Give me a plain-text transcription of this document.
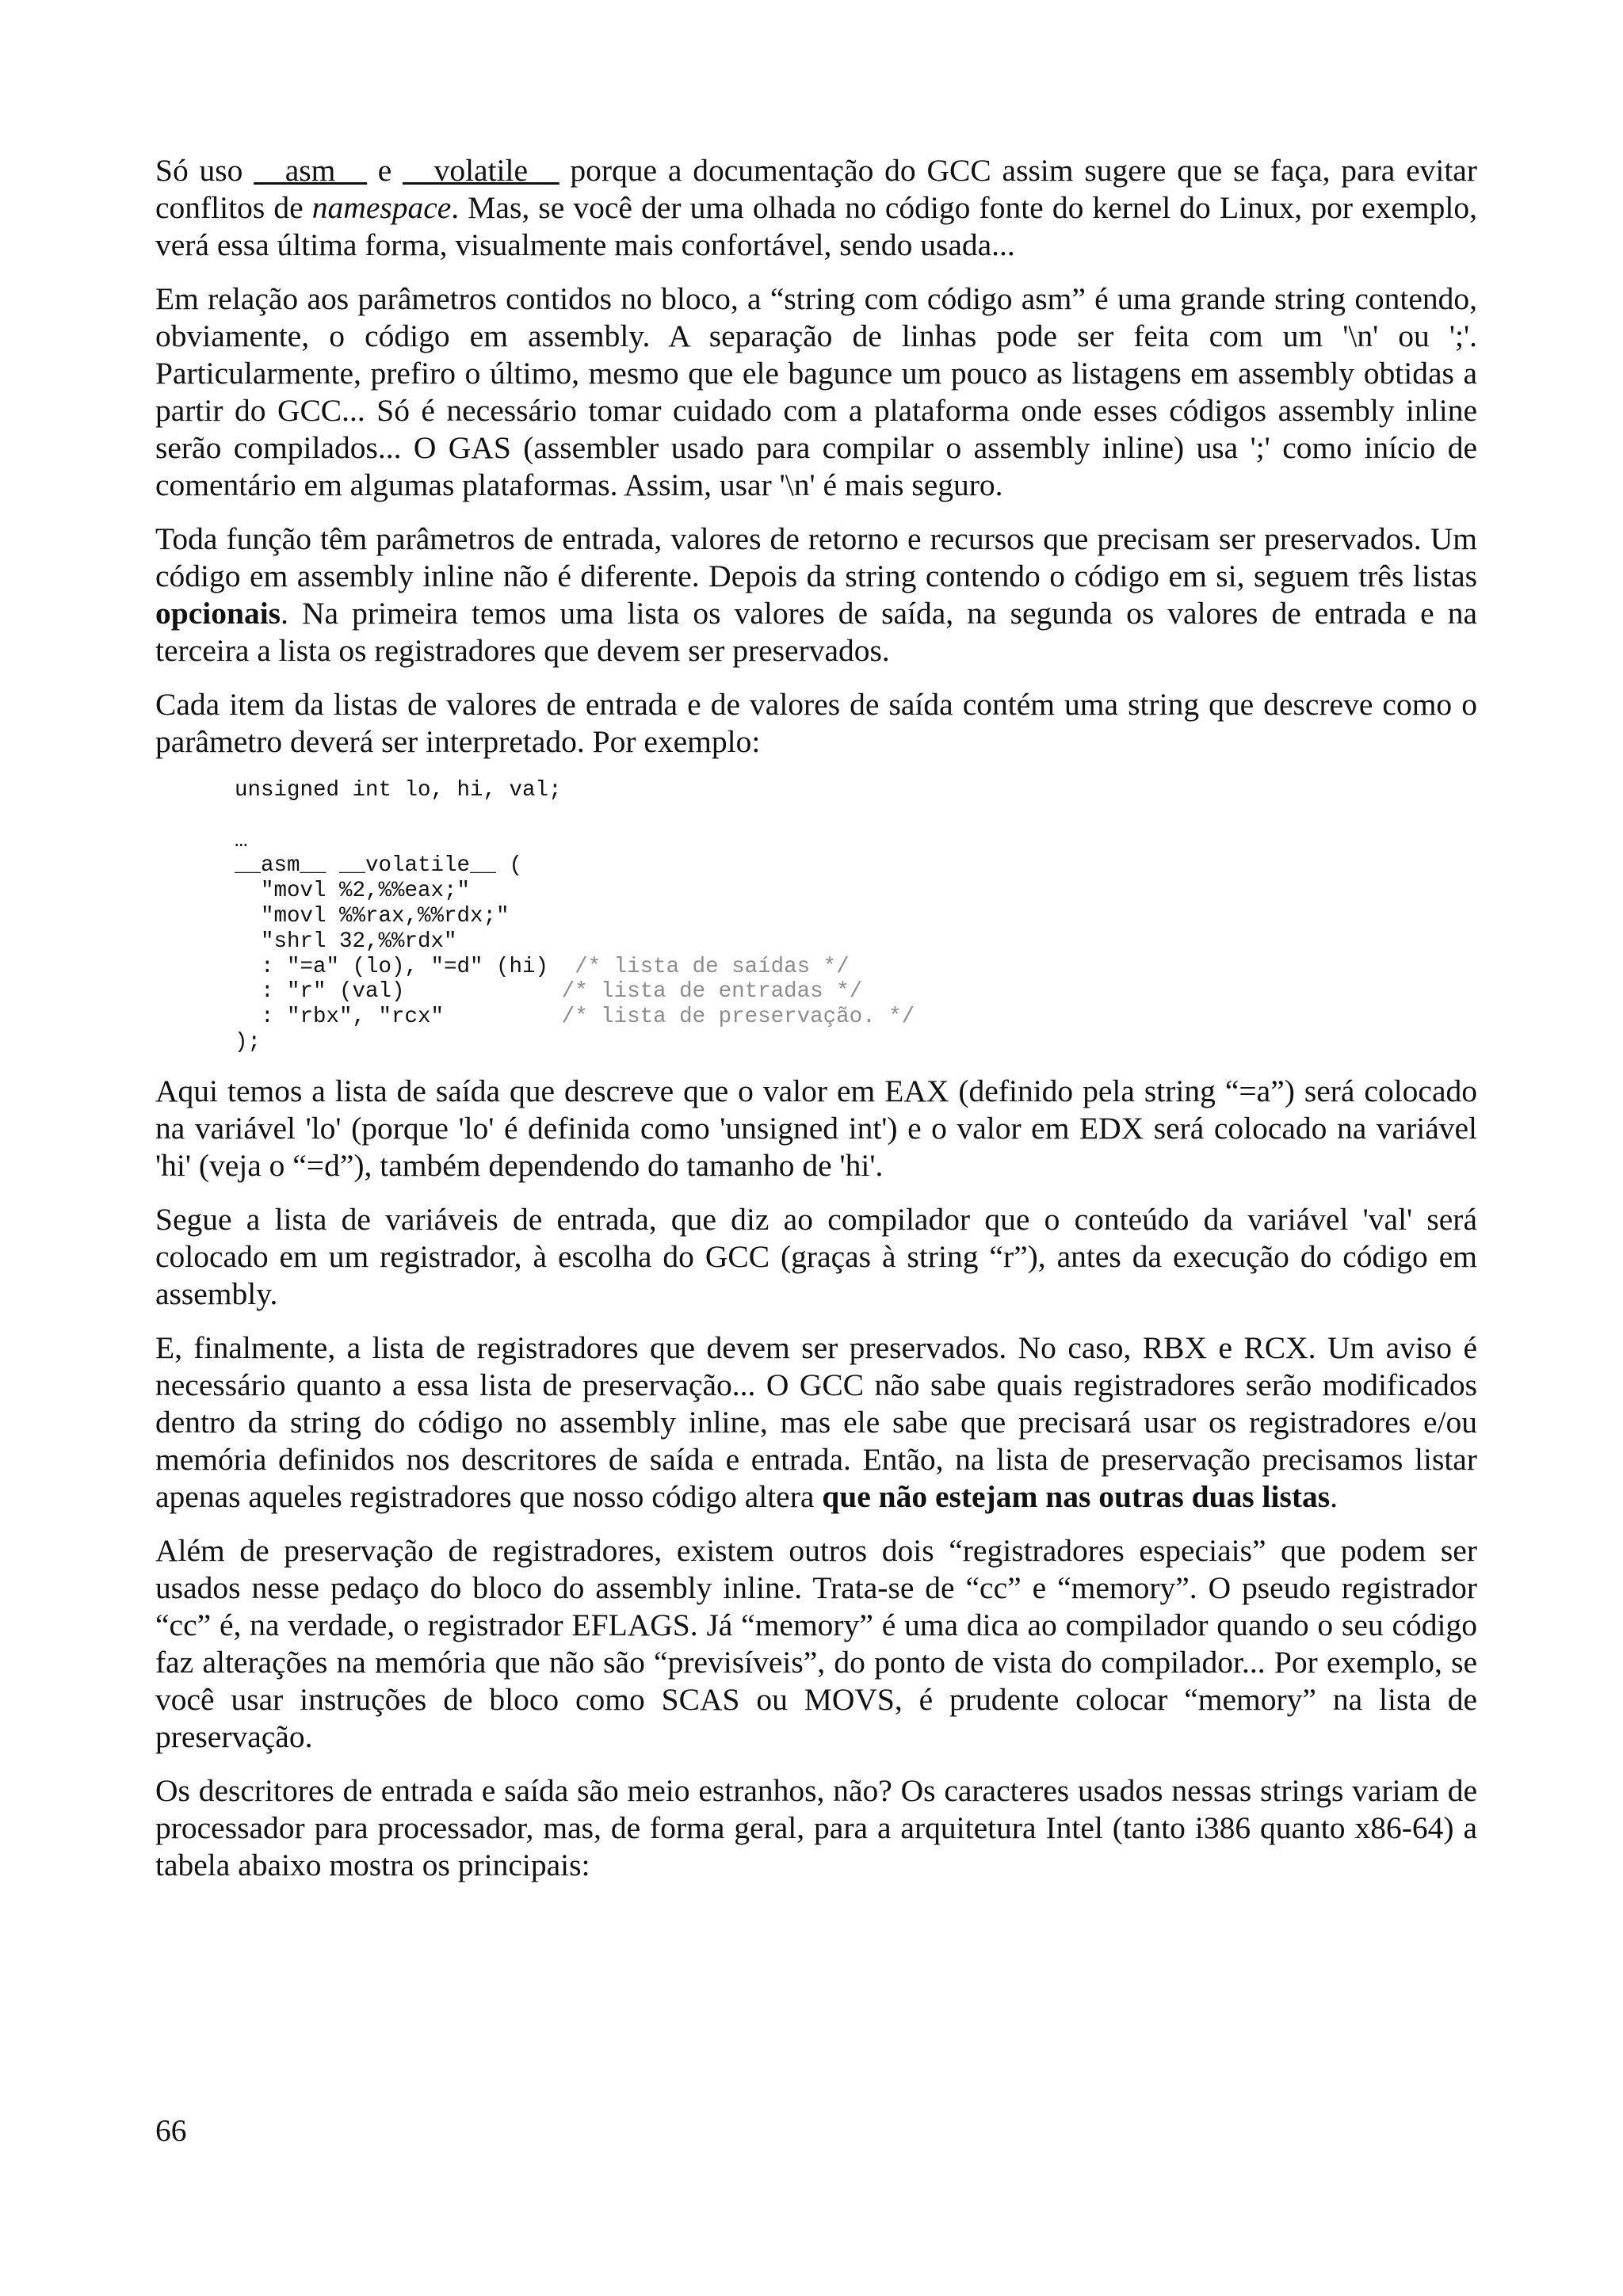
Só uso __asm__ e __volatile__ porque a documentação do GCC assim sugere que se faça, para evitar conflitos de namespace. Mas, se você der uma olhada no código fonte do kernel do Linux, por exemplo, verá essa última forma, visualmente mais confortável, sendo usada...

Em relação aos parâmetros contidos no bloco, a “string com código asm” é uma grande string contendo, obviamente, o código em assembly. A separação de linhas pode ser feita com um '\n' ou ';'. Particularmente, prefiro o último, mesmo que ele bagunce um pouco as listagens em assembly obtidas a partir do GCC... Só é necessário tomar cuidado com a plataforma onde esses códigos assembly inline serão compilados... O GAS (assembler usado para compilar o assembly inline) usa ';' como início de comentário em algumas plataformas. Assim, usar '\n' é mais seguro.

Toda função têm parâmetros de entrada, valores de retorno e recursos que precisam ser preservados. Um código em assembly inline não é diferente. Depois da string contendo o código em si, seguem três listas opcionais. Na primeira temos uma lista os valores de saída, na segunda os valores de entrada e na terceira a lista os registradores que devem ser preservados.

Cada item da listas de valores de entrada e de valores de saída contém uma string que descreve como o parâmetro deverá ser interpretado. Por exemplo:

unsigned int lo, hi, val;

…
__asm__ __volatile__ (
"movl %2,%%eax;"
"movl %%rax,%%rdx;"
"shrl 32,%%rdx"
: "=a" (lo), "=d" (hi)  /* lista de saídas */
: "r" (val)            /* lista de entradas */
: "rbx", "rcx"         /* lista de preservação. */
);

Aqui temos a lista de saída que descreve que o valor em EAX (definido pela string “=a”) será colocado na variável 'lo' (porque 'lo' é definida como 'unsigned int') e o valor em EDX será colocado na variável 'hi' (veja o “=d”), também dependendo do tamanho de 'hi'.

Segue a lista de variáveis de entrada, que diz ao compilador que o conteúdo da variável 'val' será colocado em um registrador, à escolha do GCC (graças à string “r”), antes da execução do código em assembly.

E, finalmente, a lista de registradores que devem ser preservados. No caso, RBX e RCX. Um aviso é necessário quanto a essa lista de preservação... O GCC não sabe quais registradores serão modificados dentro da string do código no assembly inline, mas ele sabe que precisará usar os registradores e/ou memória definidos nos descritores de saída e entrada. Então, na lista de preservação precisamos listar apenas aqueles registradores que nosso código altera que não estejam nas outras duas listas.

Além de preservação de registradores, existem outros dois “registradores especiais” que podem ser usados nesse pedaço do bloco do assembly inline. Trata-se de “cc” e “memory”. O pseudo registrador “cc” é, na verdade, o registrador EFLAGS. Já “memory” é uma dica ao compilador quando o seu código faz alterações na memória que não são “previsíveis”, do ponto de vista do compilador... Por exemplo, se você usar instruções de bloco como SCAS ou MOVS, é prudente colocar “memory” na lista de preservação.

Os descritores de entrada e saída são meio estranhos, não? Os caracteres usados nessas strings variam de processador para processador, mas, de forma geral, para a arquitetura Intel (tanto i386 quanto x86-64) a tabela abaixo mostra os principais:

66
